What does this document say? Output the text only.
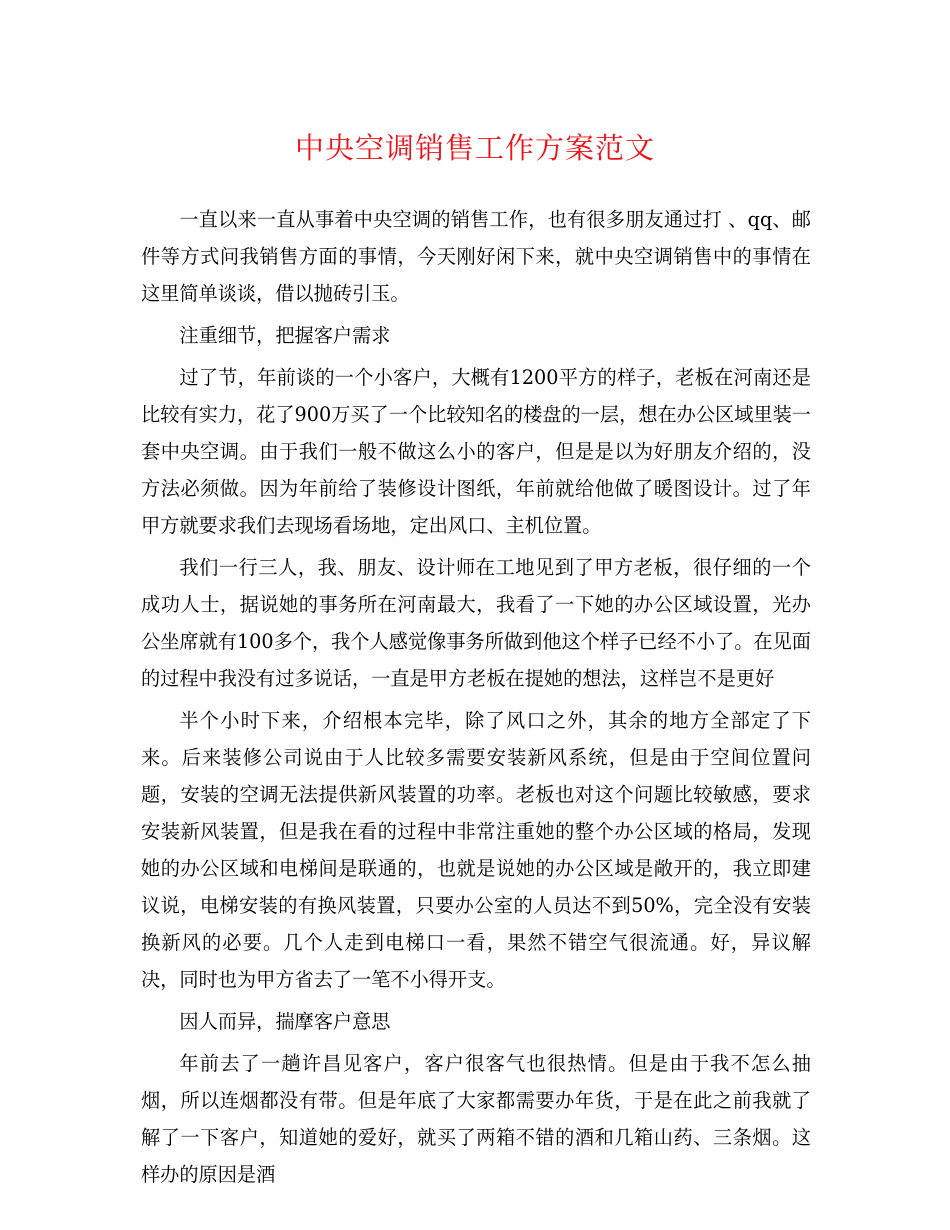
中央空调销售工作方案范文

一直以来一直从事着中央空调的销售工作，也有很多朋友通过打 、qq、邮件等方式问我销售方面的事情，今天刚好闲下来，就中央空调销售中的事情在这里简单谈谈，借以抛砖引玉。

注重细节，把握客户需求

过了节，年前谈的一个小客户，大概有1200平方的样子，老板在河南还是比较有实力，花了900万买了一个比较知名的楼盘的一层，想在办公区域里装一套中央空调。由于我们一般不做这么小的客户，但是是以为好朋友介绍的，没方法必须做。因为年前给了装修设计图纸，年前就给他做了暖图设计。过了年甲方就要求我们去现场看场地，定出风口、主机位置。

我们一行三人，我、朋友、设计师在工地见到了甲方老板，很仔细的一个成功人士，据说她的事务所在河南最大，我看了一下她的办公区域设置，光办公坐席就有100多个，我个人感觉像事务所做到他这个样子已经不小了。在见面的过程中我没有过多说话，一直是甲方老板在提她的想法，这样岂不是更好

半个小时下来，介绍根本完毕，除了风口之外，其余的地方全部定了下来。后来装修公司说由于人比较多需要安装新风系统，但是由于空间位置问题，安装的空调无法提供新风装置的功率。老板也对这个问题比较敏感，要求安装新风装置，但是我在看的过程中非常注重她的整个办公区域的格局，发现她的办公区域和电梯间是联通的，也就是说她的办公区域是敞开的，我立即建议说，电梯安装的有换风装置，只要办公室的人员达不到50%，完全没有安装换新风的必要。几个人走到电梯口一看，果然不错空气很流通。好，异议解决，同时也为甲方省去了一笔不小得开支。

因人而异，揣摩客户意思

年前去了一趟许昌见客户，客户很客气也很热情。但是由于我不怎么抽烟，所以连烟都没有带。但是年底了大家都需要办年货，于是在此之前我就了解了一下客户，知道她的爱好，就买了两箱不错的酒和几箱山药、三条烟。这样办的原因是酒
